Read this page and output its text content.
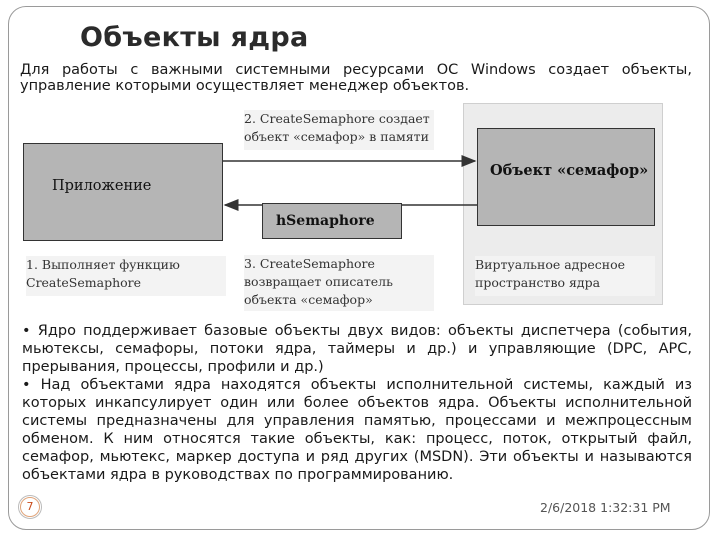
Объекты ядра
Для работы с важными системными ресурсами ОС Windows создает объекты, управление которыми осуществляет менеджер объектов.
Приложение
Объект «семафор»
hSemaphore
2. CreateSemaphore создает
объект «семафор» в памяти
1. Выполняет функцию
CreateSemaphore
3. CreateSemaphore
возвращает описатель
объекта «семафор»
Виртуальное адресное
пространство ядра

• Ядро поддерживает базовые объекты двух видов: объекты диспетчера (события, мьютексы, семафоры, потоки ядра, таймеры и др.) и управляющие (DPC, APC, прерывания, процессы, профили и др.)

• Над объектами ядра находятся объекты исполнительной системы, каждый из которых инкапсулирует один или более объектов ядра. Объекты исполнительной системы предназначены для управления памятью, процессами и межпроцессным обменом. К ним относятся такие объекты, как: процесс, поток, открытый файл, семафор, мьютекс, маркер доступа и ряд других (MSDN). Эти объекты и называются объектами ядра в руководствах по программированию.

7	2/6/2018 1:32:31 PM
